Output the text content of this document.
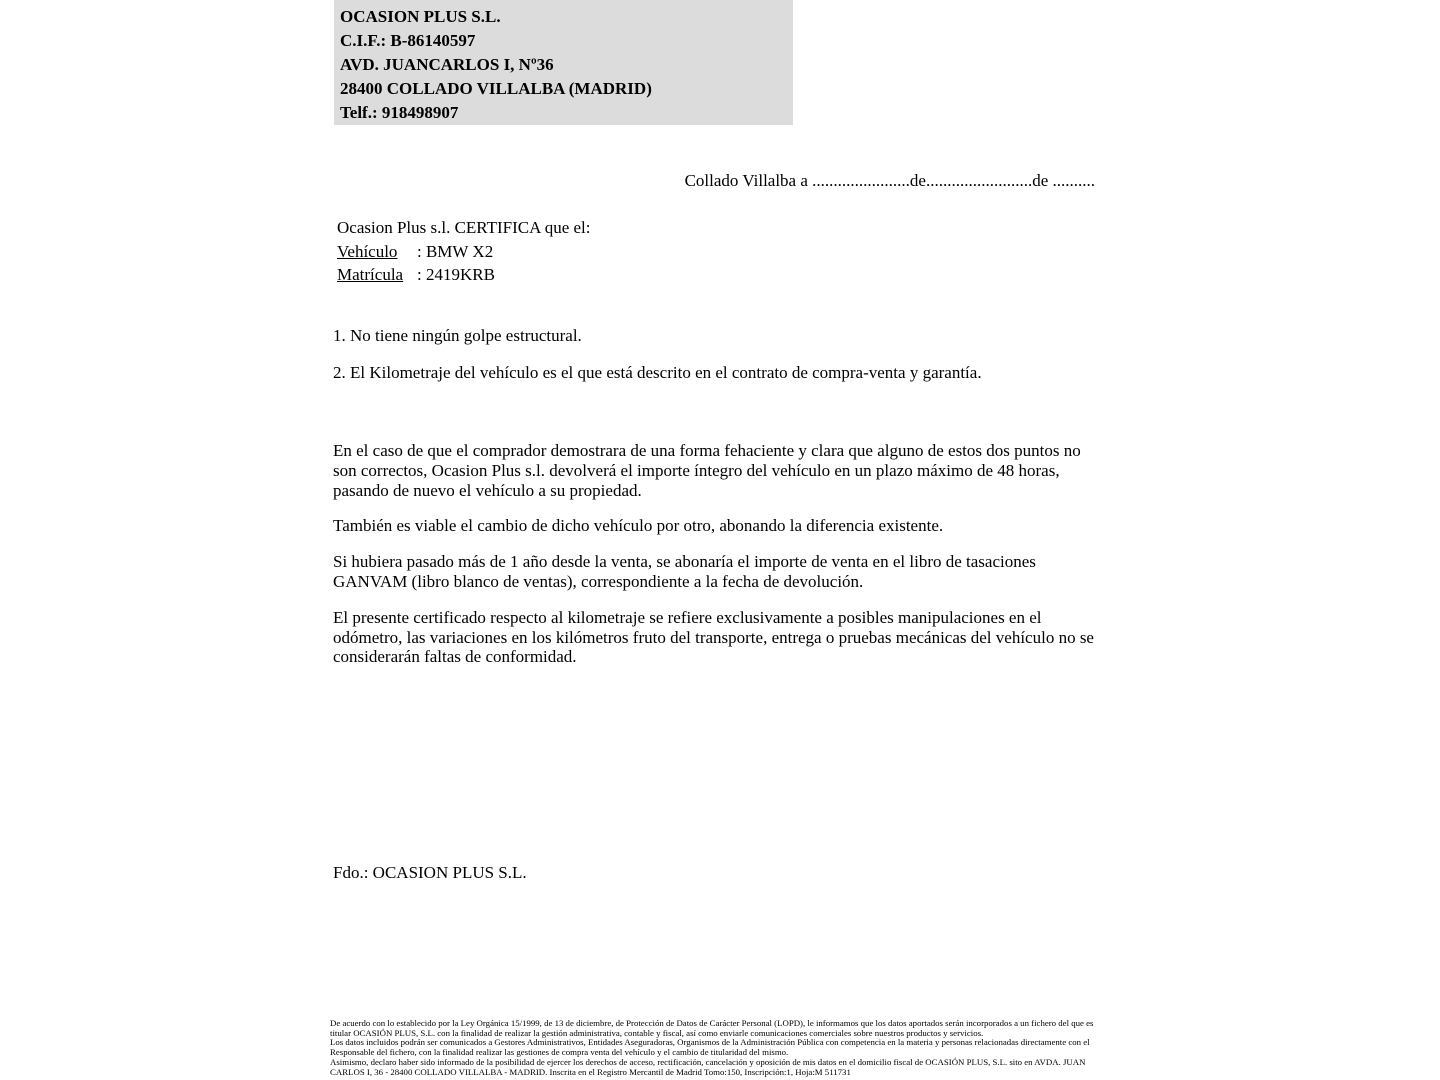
OCASION PLUS S.L.
C.I.F.: B-86140597
AVD. JUANCARLOS I, Nº36
28400 COLLADO VILLALBA (MADRID)
Telf.: 918498907
Collado Villalba a .......................de.........................de ..........
Ocasion Plus s.l. CERTIFICA que el:
Vehículo : BMW X2
Matrícula : 2419KRB

1. No tiene ningún golpe estructural.

2. El Kilometraje del vehículo es el que está descrito en el contrato de compra-venta y garantía.

En el caso de que el comprador demostrara de una forma fehaciente y clara que alguno de estos dos puntos no son correctos, Ocasion Plus s.l. devolverá el importe íntegro del vehículo en un plazo máximo de 48 horas, pasando de nuevo el vehículo a su propiedad.

También es viable el cambio de dicho vehículo por otro, abonando la diferencia existente.

Si hubiera pasado más de 1 año desde la venta, se abonaría el importe de venta en el libro de tasaciones GANVAM (libro blanco de ventas), correspondiente a la fecha de devolución.

El presente certificado respecto al kilometraje se refiere exclusivamente a posibles manipulaciones en el odómetro, las variaciones en los kilómetros fruto del transporte, entrega o pruebas mecánicas del vehículo no se considerarán faltas de conformidad.

Fdo.: OCASION PLUS S.L.

De acuerdo con lo establecido por la Ley Orgánica 15/1999, de 13 de diciembre, de Protección de Datos de Carácter Personal (LOPD), le informamos que los datos aportados serán incorporados a un fichero del que es titular OCASIÓN PLUS, S.L. con la finalidad de realizar la gestión administrativa, contable y fiscal, así como enviarle comunicaciones comerciales sobre nuestros productos y servicios.

Los datos incluidos podrán ser comunicados a Gestores Administrativos, Entidades Aseguradoras, Organismos de la Administración Pública con competencia en la materia y personas relacionadas directamente con el Responsable del fichero, con la finalidad realizar las gestiones de compra venta del vehículo y el cambio de titularidad del mismo.

Asimismo, declaro haber sido informado de la posibilidad de ejercer los derechos de acceso, rectificación, cancelación y oposición de mis datos en el domicilio fiscal de OCASIÓN PLUS, S.L. sito en AVDA. JUAN CARLOS I, 36 - 28400 COLLADO VILLALBA - MADRID. Inscrita en el Registro Mercantil de Madrid Tomo:150, Inscripción:1, Hoja:M 511731
